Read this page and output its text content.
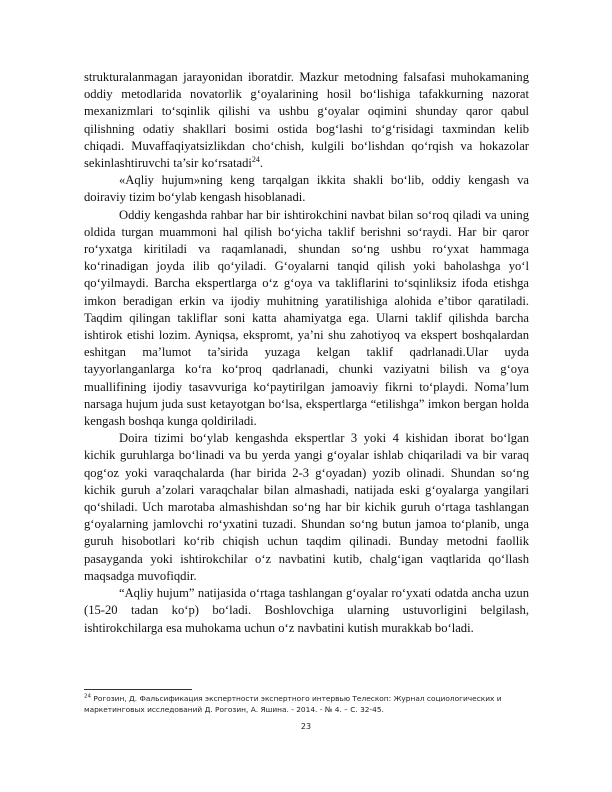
strukturalanmagan jarayonidan iboratdir. Mazkur metodning falsafasi muhokamaning oddiy metodlarida novatorlik g‘oyalarining hosil bo‘lishiga tafakkurning nazorat mexanizmlari to‘sqinlik qilishi va ushbu g‘oyalar oqimini shunday qaror qabul qilishning odatiy shakllari bosimi ostida bog‘lashi to‘g‘risidagi taxmindan kelib chiqadi. Muvaffaqiyatsizlikdan cho‘chish, kulgili bo‘lishdan qo‘rqish va hokazolar sekinlashtiruvchi ta’sir ko‘rsatadi$^{24}$.

«Aqliy hujum»ning keng tarqalgan ikkita shakli bo‘lib, oddiy kengash va doiraviy tizim bo‘ylab kengash hisoblanadi.

Oddiy kengashda rahbar har bir ishtirokchini navbat bilan so‘roq qiladi va uning oldida turgan muammoni hal qilish bo‘yicha taklif berishni so‘raydi. Har bir qaror ro‘yxatga kiritiladi va raqamlanadi, shundan so‘ng ushbu ro‘yxat hammaga ko‘rinadigan joyda ilib qo‘yiladi. G‘oyalarni tanqid qilish yoki baholashga yo‘l qo‘yilmaydi. Barcha ekspertlarga o‘z g‘oya va takliflarini to‘sqinliksiz ifoda etishga imkon beradigan erkin va ijodiy muhitning yaratilishiga alohida e’tibor qaratiladi. Taqdim qilingan takliflar soni katta ahamiyatga ega. Ularni taklif qilishda barcha ishtirok etishi lozim. Ayniqsa, ekspromt, ya’ni shu zahotiyoq va ekspert boshqalardan eshitgan ma’lumot ta’sirida yuzaga kelgan taklif qadrlanadi.Ular uyda tayyorlanganlarga ko‘ra ko‘proq qadrlanadi, chunki vaziyatni bilish va g‘oya muallifining ijodiy tasavvuriga ko‘paytirilgan jamoaviy fikrni to‘playdi. Noma’lum narsaga hujum juda sust ketayotgan bo‘lsa, ekspertlarga “etilishga” imkon bergan holda kengash boshqa kunga qoldiriladi.

Doira tizimi bo‘ylab kengashda ekspertlar 3 yoki 4 kishidan iborat bo‘lgan kichik guruhlarga bo‘linadi va bu yerda yangi g‘oyalar ishlab chiqariladi va bir varaq qog‘oz yoki varaqchalarda (har birida 2-3 g‘oyadan) yozib olinadi. Shundan so‘ng kichik guruh a’zolari varaqchalar bilan almashadi, natijada eski g‘oyalarga yangilari qo‘shiladi. Uch marotaba almashishdan so‘ng har bir kichik guruh o‘rtaga tashlangan g‘oyalarning jamlovchi ro‘yxatini tuzadi. Shundan so‘ng butun jamoa to‘planib, unga guruh hisobotlari ko‘rib chiqish uchun taqdim qilinadi. Bunday metodni faollik pasayganda yoki ishtirokchilar o‘z navbatini kutib, chalg‘igan vaqtlarida qo‘llash maqsadga muvofiqdir.

“Aqliy hujum” natijasida o‘rtaga tashlangan g‘oyalar ro‘yxati odatda ancha uzun (15-20 tadan ko‘p) bo‘ladi. Boshlovchiga ularning ustuvorligini belgilash, ishtirokchilarga esa muhokama uchun o‘z navbatini kutish murakkab bo‘ladi.

$^{24}$ Рогозин, Д. Фальсификация экспертности экспертного интервью Телескоп: Журнал социологических и маркетинговых исследований Д. Рогозин, А. Яшина. - 2014. - № 4. – С. 32-45.
23
